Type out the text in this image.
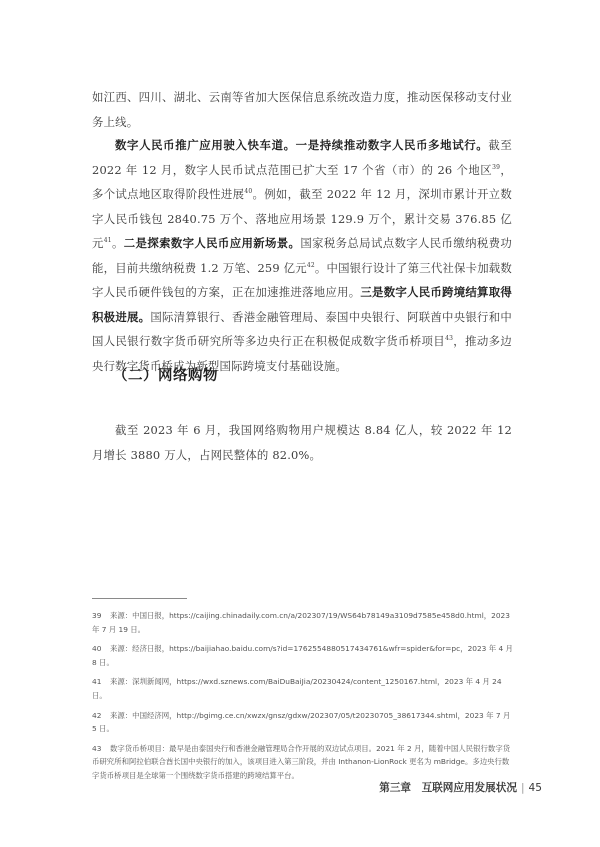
如江西、四川、湖北、云南等省加大医保信息系统改造力度，推动医保移动支付业务上线。

数字人民币推广应用驶入快车道。一是持续推动数字人民币多地试行。截至 2022 年 12 月，数字人民币试点范围已扩大至 17 个省（市）的 26 个地区$^{39}$，多个试点地区取得阶段性进展$^{40}$。例如，截至 2022 年 12 月，深圳市累计开立数字人民币钱包 2840.75 万个、落地应用场景 129.9 万个，累计交易 376.85 亿元$^{41}$。二是探索数字人民币应用新场景。国家税务总局试点数字人民币缴纳税费功能，目前共缴纳税费 1.2 万笔、259 亿元$^{42}$。中国银行设计了第三代社保卡加载数字人民币硬件钱包的方案，正在加速推进落地应用。三是数字人民币跨境结算取得积极进展。国际清算银行、香港金融管理局、泰国中央银行、阿联酋中央银行和中国人民银行数字货币研究所等多边央行正在积极促成数字货币桥项目$^{43}$，推动多边央行数字货币桥成为新型国际跨境支付基础设施。

（二）网络购物

截至 2023 年 6 月，我国网络购物用户规模达 8.84 亿人，较 2022 年 12 月增长 3880 万人，占网民整体的 82.0%。

39 来源：中国日报，https://caijing.chinadaily.com.cn/a/202307/19/WS64b78149a3109d7585e458d0.html，2023 年 7 月 19 日。
40 来源：经济日报，https://baijiahao.baidu.com/s?id=1762554880517434761&wfr=spider&for=pc，2023 年 4 月 8 日。
41 来源：深圳新闻网，https://wxd.sznews.com/BaiDuBaiJia/20230424/content_1250167.html，2023 年 4 月 24 日。
42 来源：中国经济网，http://bgimg.ce.cn/xwzx/gnsz/gdxw/202307/05/t20230705_38617344.shtml，2023 年 7 月 5 日。
43 数字货币桥项目：最早是由泰国央行和香港金融管理局合作开展的双边试点项目。2021 年 2 月，随着中国人民银行数字货币研究所和阿拉伯联合酋长国中央银行的加入，该项目进入第三阶段，并由 Inthanon-LionRock 更名为 mBridge。多边央行数字货币桥项目是全球第一个围绕数字货币搭建的跨境结算平台。
第三章　互联网应用发展状况 | 45
